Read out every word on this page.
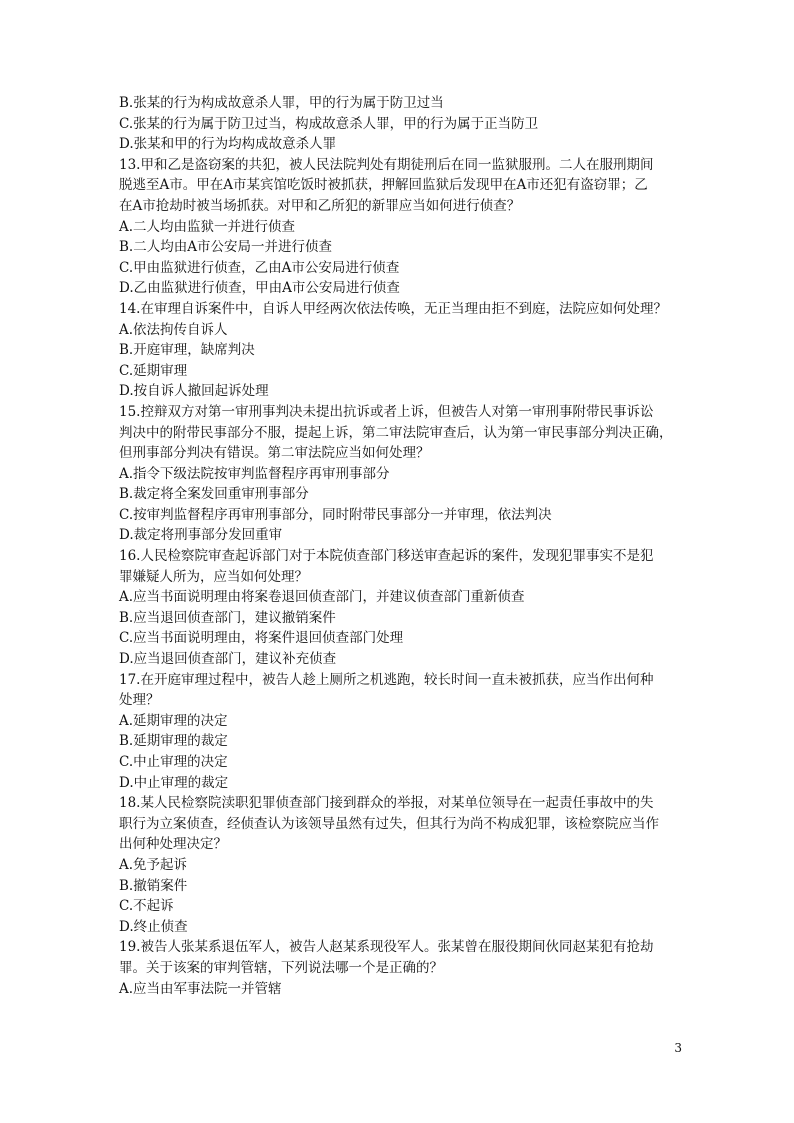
B.张某的行为构成故意杀人罪，甲的行为属于防卫过当
C.张某的行为属于防卫过当，构成故意杀人罪，甲的行为属于正当防卫
D.张某和甲的行为均构成故意杀人罪
13.甲和乙是盗窃案的共犯，被人民法院判处有期徒刑后在同一监狱服刑。二人在服刑期间
脱逃至A市。甲在A市某宾馆吃饭时被抓获，押解回监狱后发现甲在A市还犯有盗窃罪；乙
在A市抢劫时被当场抓获。对甲和乙所犯的新罪应当如何进行侦查？
A.二人均由监狱一并进行侦查
B.二人均由A市公安局一并进行侦查
C.甲由监狱进行侦查，乙由A市公安局进行侦查
D.乙由监狱进行侦查，甲由A市公安局进行侦查
14.在审理自诉案件中，自诉人甲经两次依法传唤，无正当理由拒不到庭，法院应如何处理？
A.依法拘传自诉人
B.开庭审理，缺席判决
C.延期审理
D.按自诉人撤回起诉处理
15.控辩双方对第一审刑事判决未提出抗诉或者上诉，但被告人对第一审刑事附带民事诉讼
判决中的附带民事部分不服，提起上诉，第二审法院审查后，认为第一审民事部分判决正确，
但刑事部分判决有错误。第二审法院应当如何处理？
A.指令下级法院按审判监督程序再审刑事部分
B.裁定将全案发回重审刑事部分
C.按审判监督程序再审刑事部分，同时附带民事部分一并审理，依法判决
D.裁定将刑事部分发回重审
16.人民检察院审查起诉部门对于本院侦查部门移送审查起诉的案件，发现犯罪事实不是犯
罪嫌疑人所为，应当如何处理？
A.应当书面说明理由将案卷退回侦查部门，并建议侦查部门重新侦查
B.应当退回侦查部门，建议撤销案件
C.应当书面说明理由，将案件退回侦查部门处理
D.应当退回侦查部门，建议补充侦查
17.在开庭审理过程中，被告人趁上厕所之机逃跑，较长时间一直未被抓获，应当作出何种
处理？
A.延期审理的决定
B.延期审理的裁定
C.中止审理的决定
D.中止审理的裁定
18.某人民检察院渎职犯罪侦查部门接到群众的举报，对某单位领导在一起责任事故中的失
职行为立案侦查，经侦查认为该领导虽然有过失，但其行为尚不构成犯罪，该检察院应当作
出何种处理决定？
A.免予起诉
B.撤销案件
C.不起诉
D.终止侦查
19.被告人张某系退伍军人，被告人赵某系现役军人。张某曾在服役期间伙同赵某犯有抢劫
罪。关于该案的审判管辖，下列说法哪一个是正确的？
A.应当由军事法院一并管辖
3
